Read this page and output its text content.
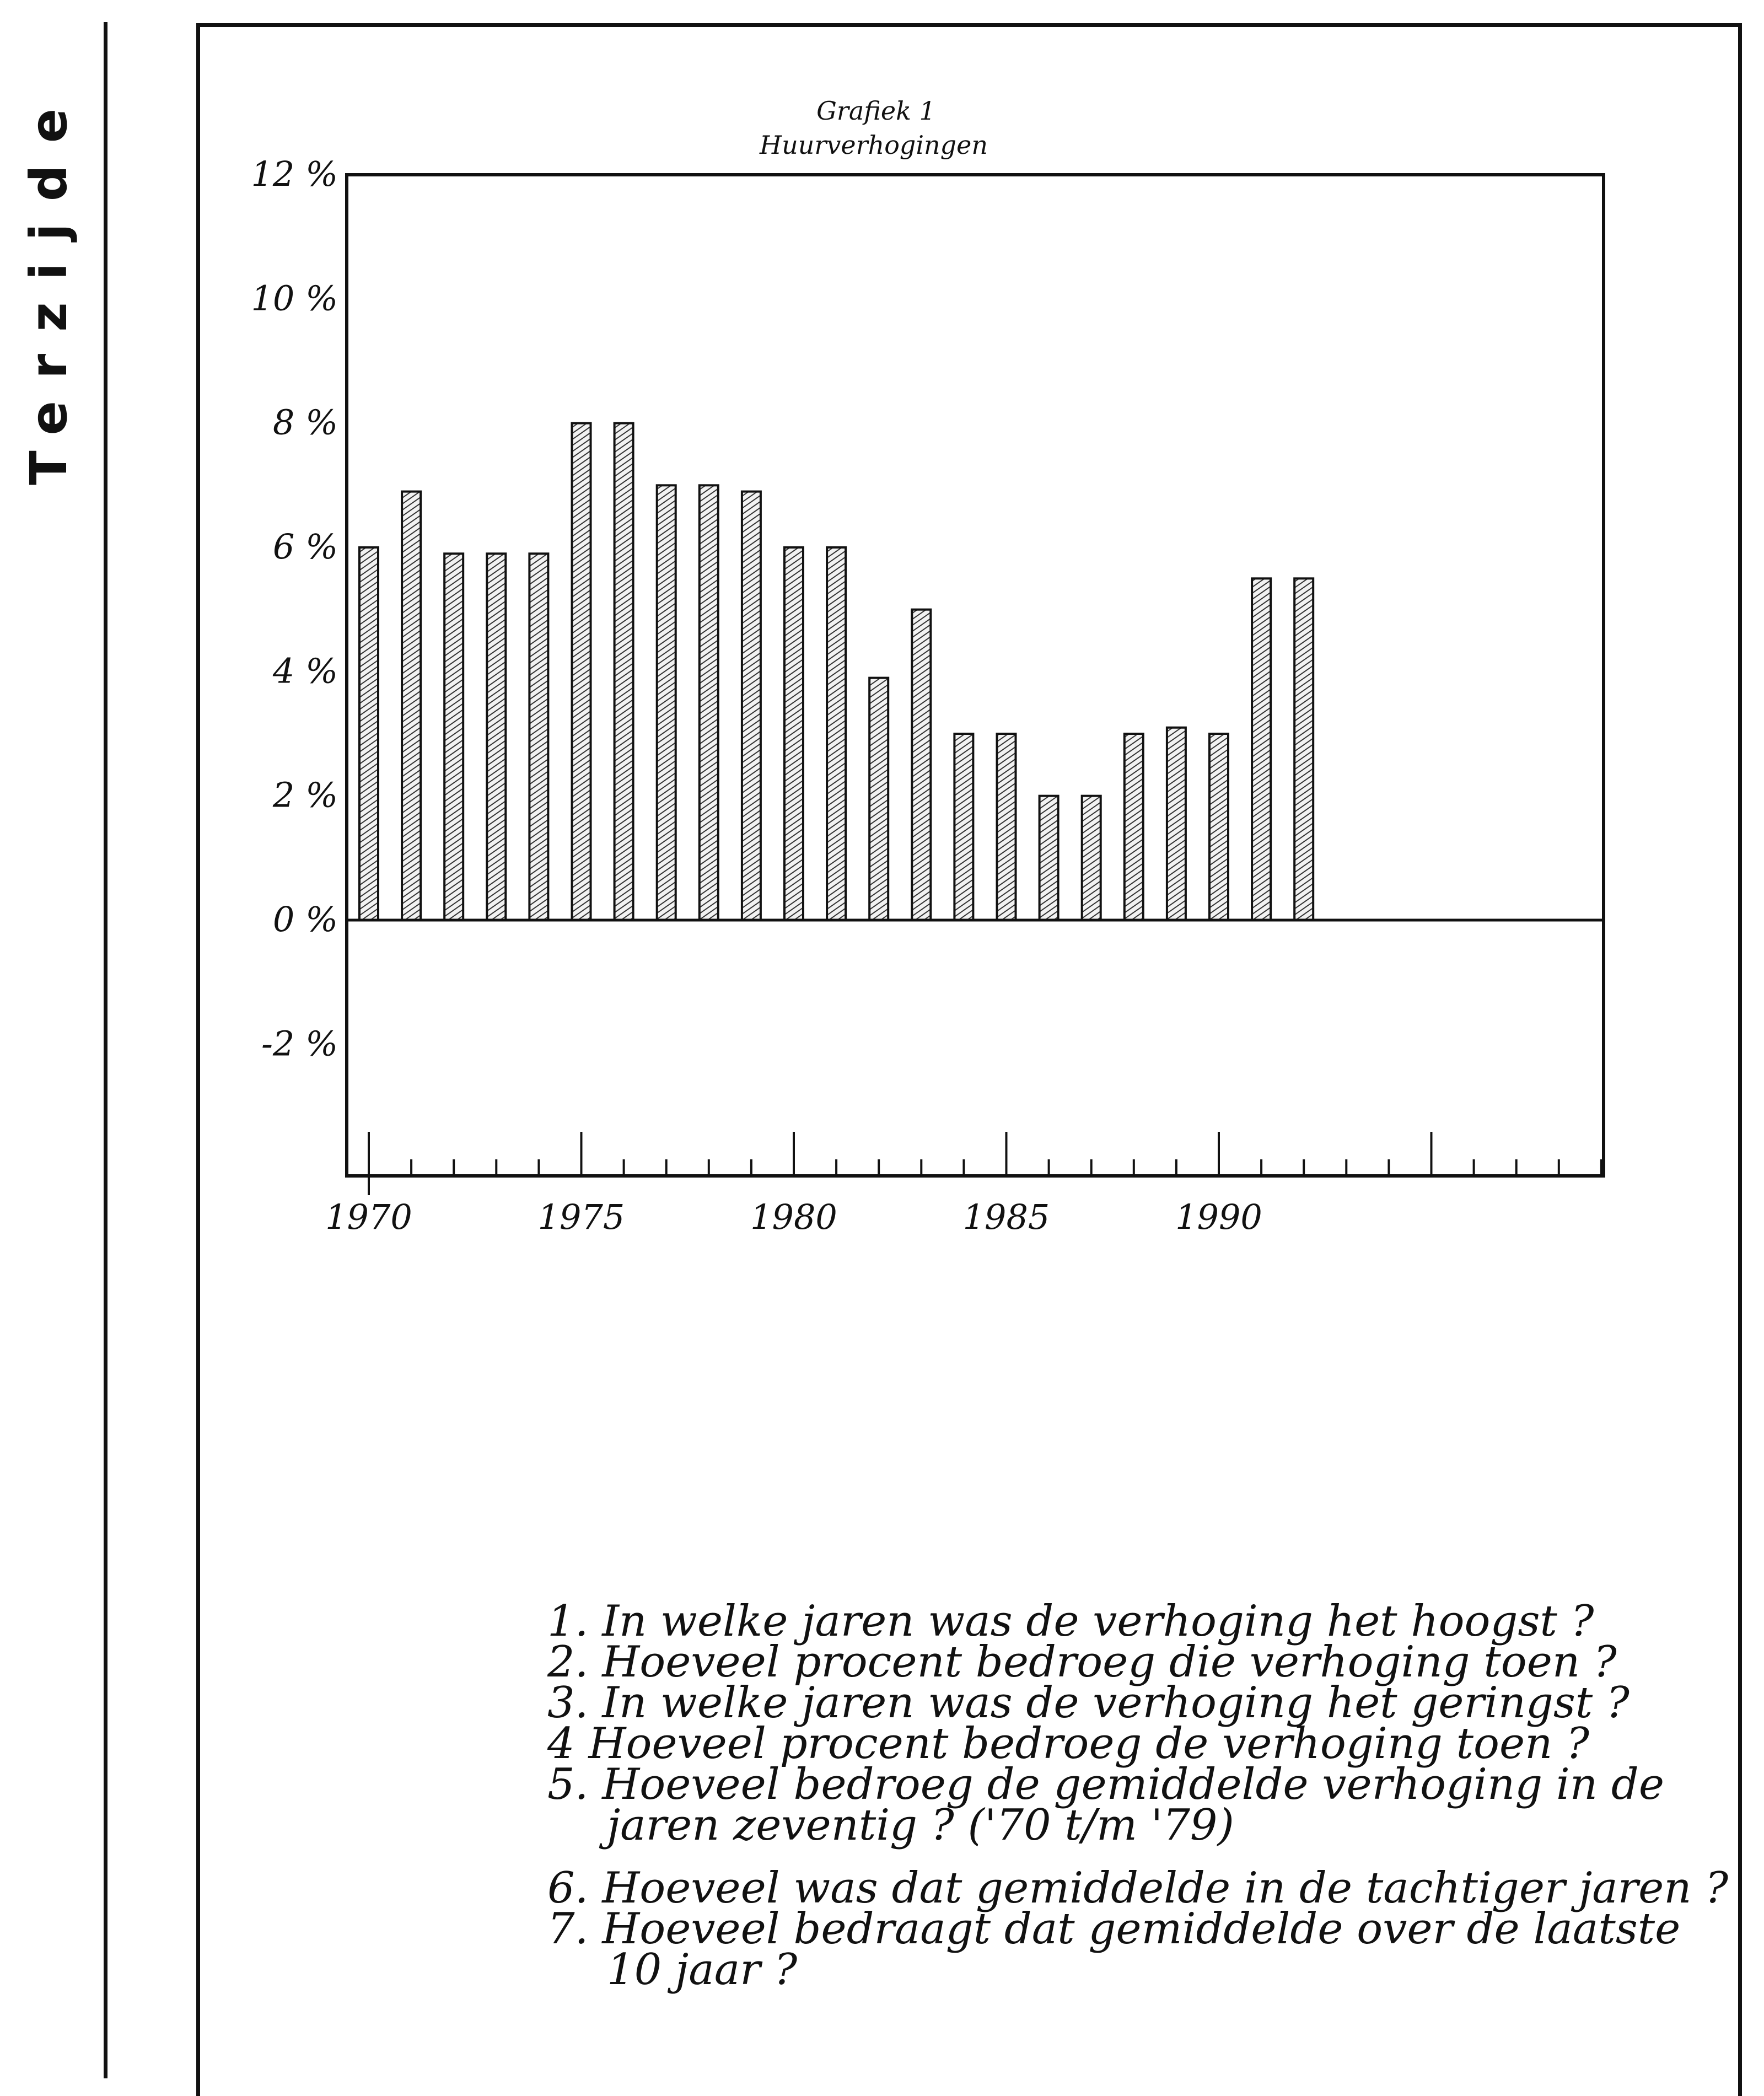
Terzijde	Grafiek 1
Huurverhogingen
12 %
10 %
8 %
6 %
4 %
2 %
0 %
-2 %
1970	1975	1980	1985	1990
1. In welke jaren was de verhoging het hoogst ?
2. Hoeveel procent bedroeg die verhoging toen ?
3. In welke jaren was de verhoging het geringst ?
4 Hoeveel procent bedroeg de verhoging toen ?
5. Hoeveel bedroeg de gemiddelde verhoging in de
jaren zeventig ? ('70 t/m '79)
6. Hoeveel was dat gemiddelde in de tachtiger jaren ?
7. Hoeveel bedraagt dat gemiddelde over de laatste
10 jaar ?
